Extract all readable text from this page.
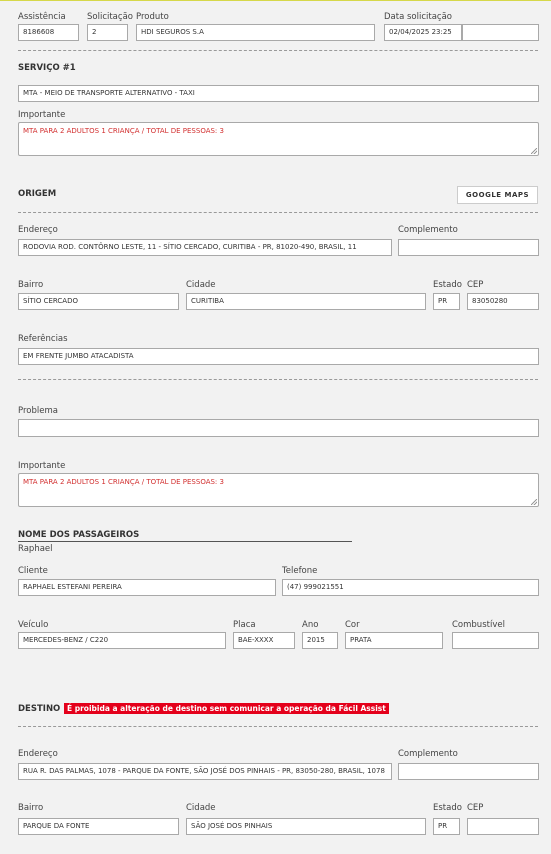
Assistência
8186608
Solicitação
2
Produto
HDI SEGUROS S.A
Data solicitação
02/04/2025 23:25
SERVIÇO #1
MTA - MEIO DE TRANSPORTE ALTERNATIVO - TAXI
Importante
MTA PARA 2 ADULTOS 1 CRIANÇA / TOTAL DE PESSOAS: 3
ORIGEM	GOOGLE MAPS
Endereço
RODOVIA ROD. CONTÔRNO LESTE, 11 - SÍTIO CERCADO, CURITIBA - PR, 81020-490, BRASIL, 11
Complemento
Bairro
SÍTIO CERCADO
Cidade
CURITIBA
Estado
PR
CEP
83050280
Referências
EM FRENTE JUMBO ATACADISTA
Problema
Importante
MTA PARA 2 ADULTOS 1 CRIANÇA / TOTAL DE PESSOAS: 3
NOME DOS PASSAGEIROS
Raphael
Cliente
RAPHAEL ESTEFANI PEREIRA
Telefone
(47) 999021551
Veículo
MERCEDES-BENZ / C220
Placa
BAE-XXXX
Ano
2015
Cor
PRATA
Combustível
DESTINO É proibida a alteração de destino sem comunicar a operação da Fácil Assist
Endereço
RUA R. DAS PALMAS, 1078 - PARQUE DA FONTE, SÃO JOSÉ DOS PINHAIS - PR, 83050-280, BRASIL, 1078
Complemento
Bairro
PARQUE DA FONTE
Cidade
SÃO JOSÉ DOS PINHAIS
Estado
PR
CEP
